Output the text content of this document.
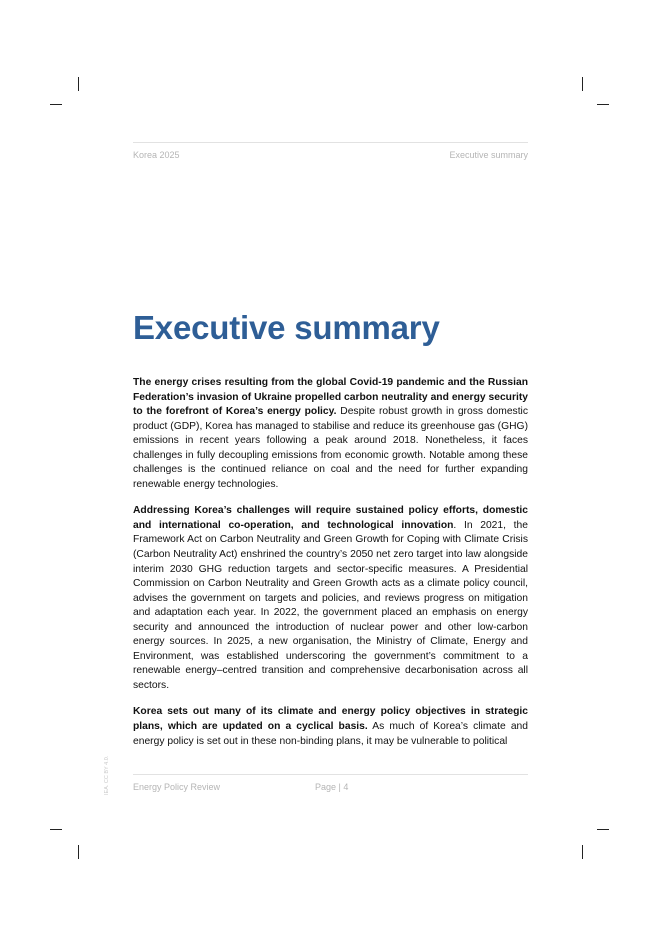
Korea 2025	Executive summary
Executive summary

The energy crises resulting from the global Covid-19 pandemic and the Russian Federation’s invasion of Ukraine propelled carbon neutrality and energy security to the forefront of Korea’s energy policy. Despite robust growth in gross domestic product (GDP), Korea has managed to stabilise and reduce its greenhouse gas (GHG) emissions in recent years following a peak around 2018. Nonetheless, it faces challenges in fully decoupling emissions from economic growth. Notable among these challenges is the continued reliance on coal and the need for further expanding renewable energy technologies.

Addressing Korea’s challenges will require sustained policy efforts, domestic and international co-operation, and technological innovation. In 2021, the Framework Act on Carbon Neutrality and Green Growth for Coping with Climate Crisis (Carbon Neutrality Act) enshrined the country’s 2050 net zero target into law alongside interim 2030 GHG reduction targets and sector-specific measures. A Presidential Commission on Carbon Neutrality and Green Growth acts as a climate policy council, advises the government on targets and policies, and reviews progress on mitigation and adaptation each year. In 2022, the government placed an emphasis on energy security and announced the introduction of nuclear power and other low-carbon energy sources. In 2025, a new organisation, the Ministry of Climate, Energy and Environment, was established underscoring the government’s commitment to a renewable energy–centred transition and comprehensive decarbonisation across all sectors.

Korea sets out many of its climate and energy policy objectives in strategic plans, which are updated on a cyclical basis. As much of Korea’s climate and energy policy is set out in these non-binding plans, it may be vulnerable to political

IEA. CC BY 4.0.	Energy Policy Review	Page | 4
